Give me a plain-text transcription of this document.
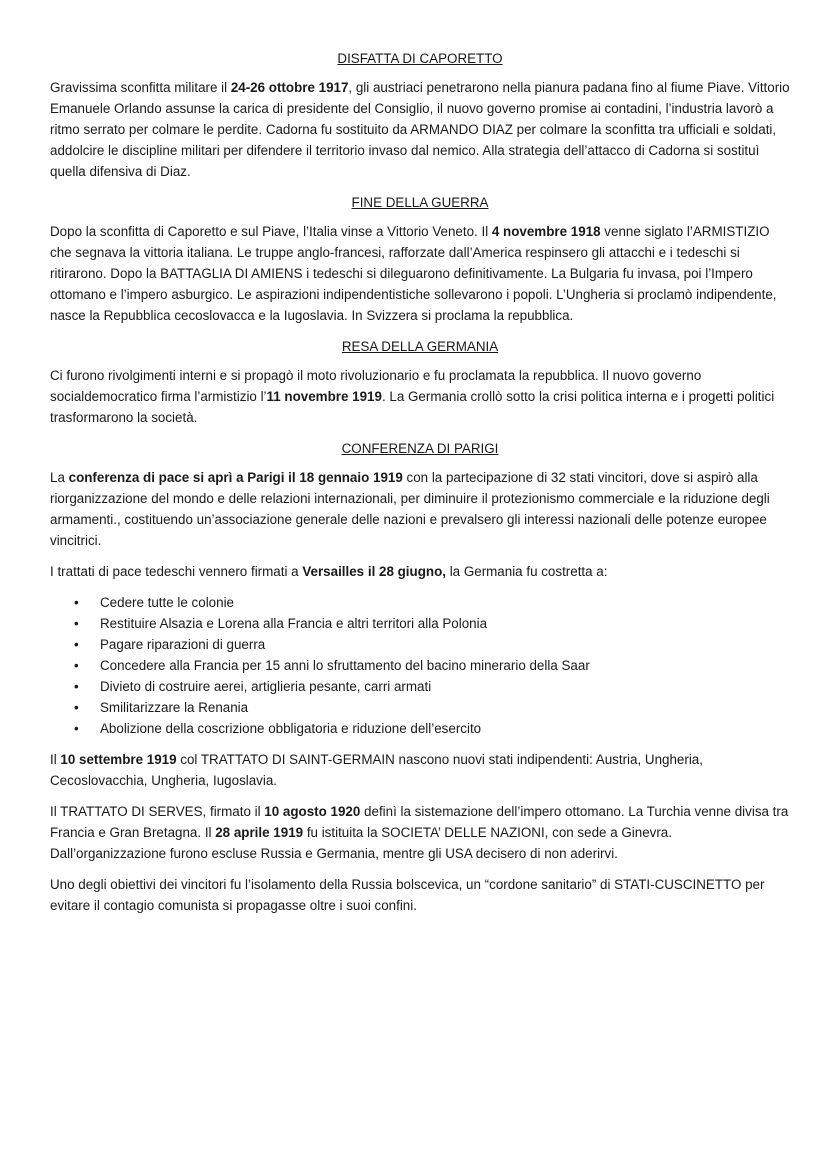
DISFATTA DI CAPORETTO

Gravissima sconfitta militare il 24-26 ottobre 1917, gli austriaci penetrarono nella pianura padana fino al fiume Piave. Vittorio Emanuele Orlando assunse la carica di presidente del Consiglio, il nuovo governo promise ai contadini, l’industria lavorò a ritmo serrato per colmare le perdite. Cadorna fu sostituito da ARMANDO DIAZ per colmare la sconfitta tra ufficiali e soldati, addolcire le discipline militari per difendere il territorio invaso dal nemico. Alla strategia dell’attacco di Cadorna si sostituì quella difensiva di Diaz.

FINE DELLA GUERRA

Dopo la sconfitta di Caporetto e sul Piave, l’Italia vinse a Vittorio Veneto. Il 4 novembre 1918 venne siglato l’ARMISTIZIO che segnava la vittoria italiana. Le truppe anglo-francesi, rafforzate dall’America respinsero gli attacchi e i tedeschi si ritirarono. Dopo la BATTAGLIA DI AMIENS i tedeschi si dileguarono definitivamente. La Bulgaria fu invasa, poi l’Impero ottomano e l’impero asburgico. Le aspirazioni indipendentistiche sollevarono i popoli. L’Ungheria si proclamò indipendente, nasce la Repubblica cecoslovacca e la Iugoslavia. In Svizzera si proclama la repubblica.

RESA DELLA GERMANIA

Ci furono rivolgimenti interni e si propagò il moto rivoluzionario e fu proclamata la repubblica. Il nuovo governo socialdemocratico firma l’armistizio l’11 novembre 1919. La Germania crollò sotto la crisi politica interna e i progetti politici trasformarono la società.

CONFERENZA DI PARIGI

La conferenza di pace si aprì a Parigi il 18 gennaio 1919 con la partecipazione di 32 stati vincitori, dove si aspirò alla riorganizzazione del mondo e delle relazioni internazionali, per diminuire il protezionismo commerciale e la riduzione degli armamenti., costituendo un’associazione generale delle nazioni e prevalsero gli interessi nazionali delle potenze europee vincitrici.

I trattati di pace tedeschi vennero firmati a Versailles il 28 giugno, la Germania fu costretta a:

• Cedere tutte le colonie
• Restituire Alsazia e Lorena alla Francia e altri territori alla Polonia
• Pagare riparazioni di guerra
• Concedere alla Francia per 15 anni lo sfruttamento del bacino minerario della Saar
• Divieto di costruire aerei, artiglieria pesante, carri armati
• Smilitarizzare la Renania
• Abolizione della coscrizione obbligatoria e riduzione dell’esercito

Il 10 settembre 1919 col TRATTATO DI SAINT-GERMAIN nascono nuovi stati indipendenti: Austria, Ungheria, Cecoslovacchia, Ungheria, Iugoslavia.

Il TRATTATO DI SERVES, firmato il 10 agosto 1920 definì la sistemazione dell’impero ottomano. La Turchia venne divisa tra Francia e Gran Bretagna. Il 28 aprile 1919 fu istituita la SOCIETA’ DELLE NAZIONI, con sede a Ginevra. Dall’organizzazione furono escluse Russia e Germania, mentre gli USA decisero di non aderirvi.

Uno degli obiettivi dei vincitori fu l’isolamento della Russia bolscevica, un “cordone sanitario” di STATI-CUSCINETTO per evitare il contagio comunista si propagasse oltre i suoi confini.
